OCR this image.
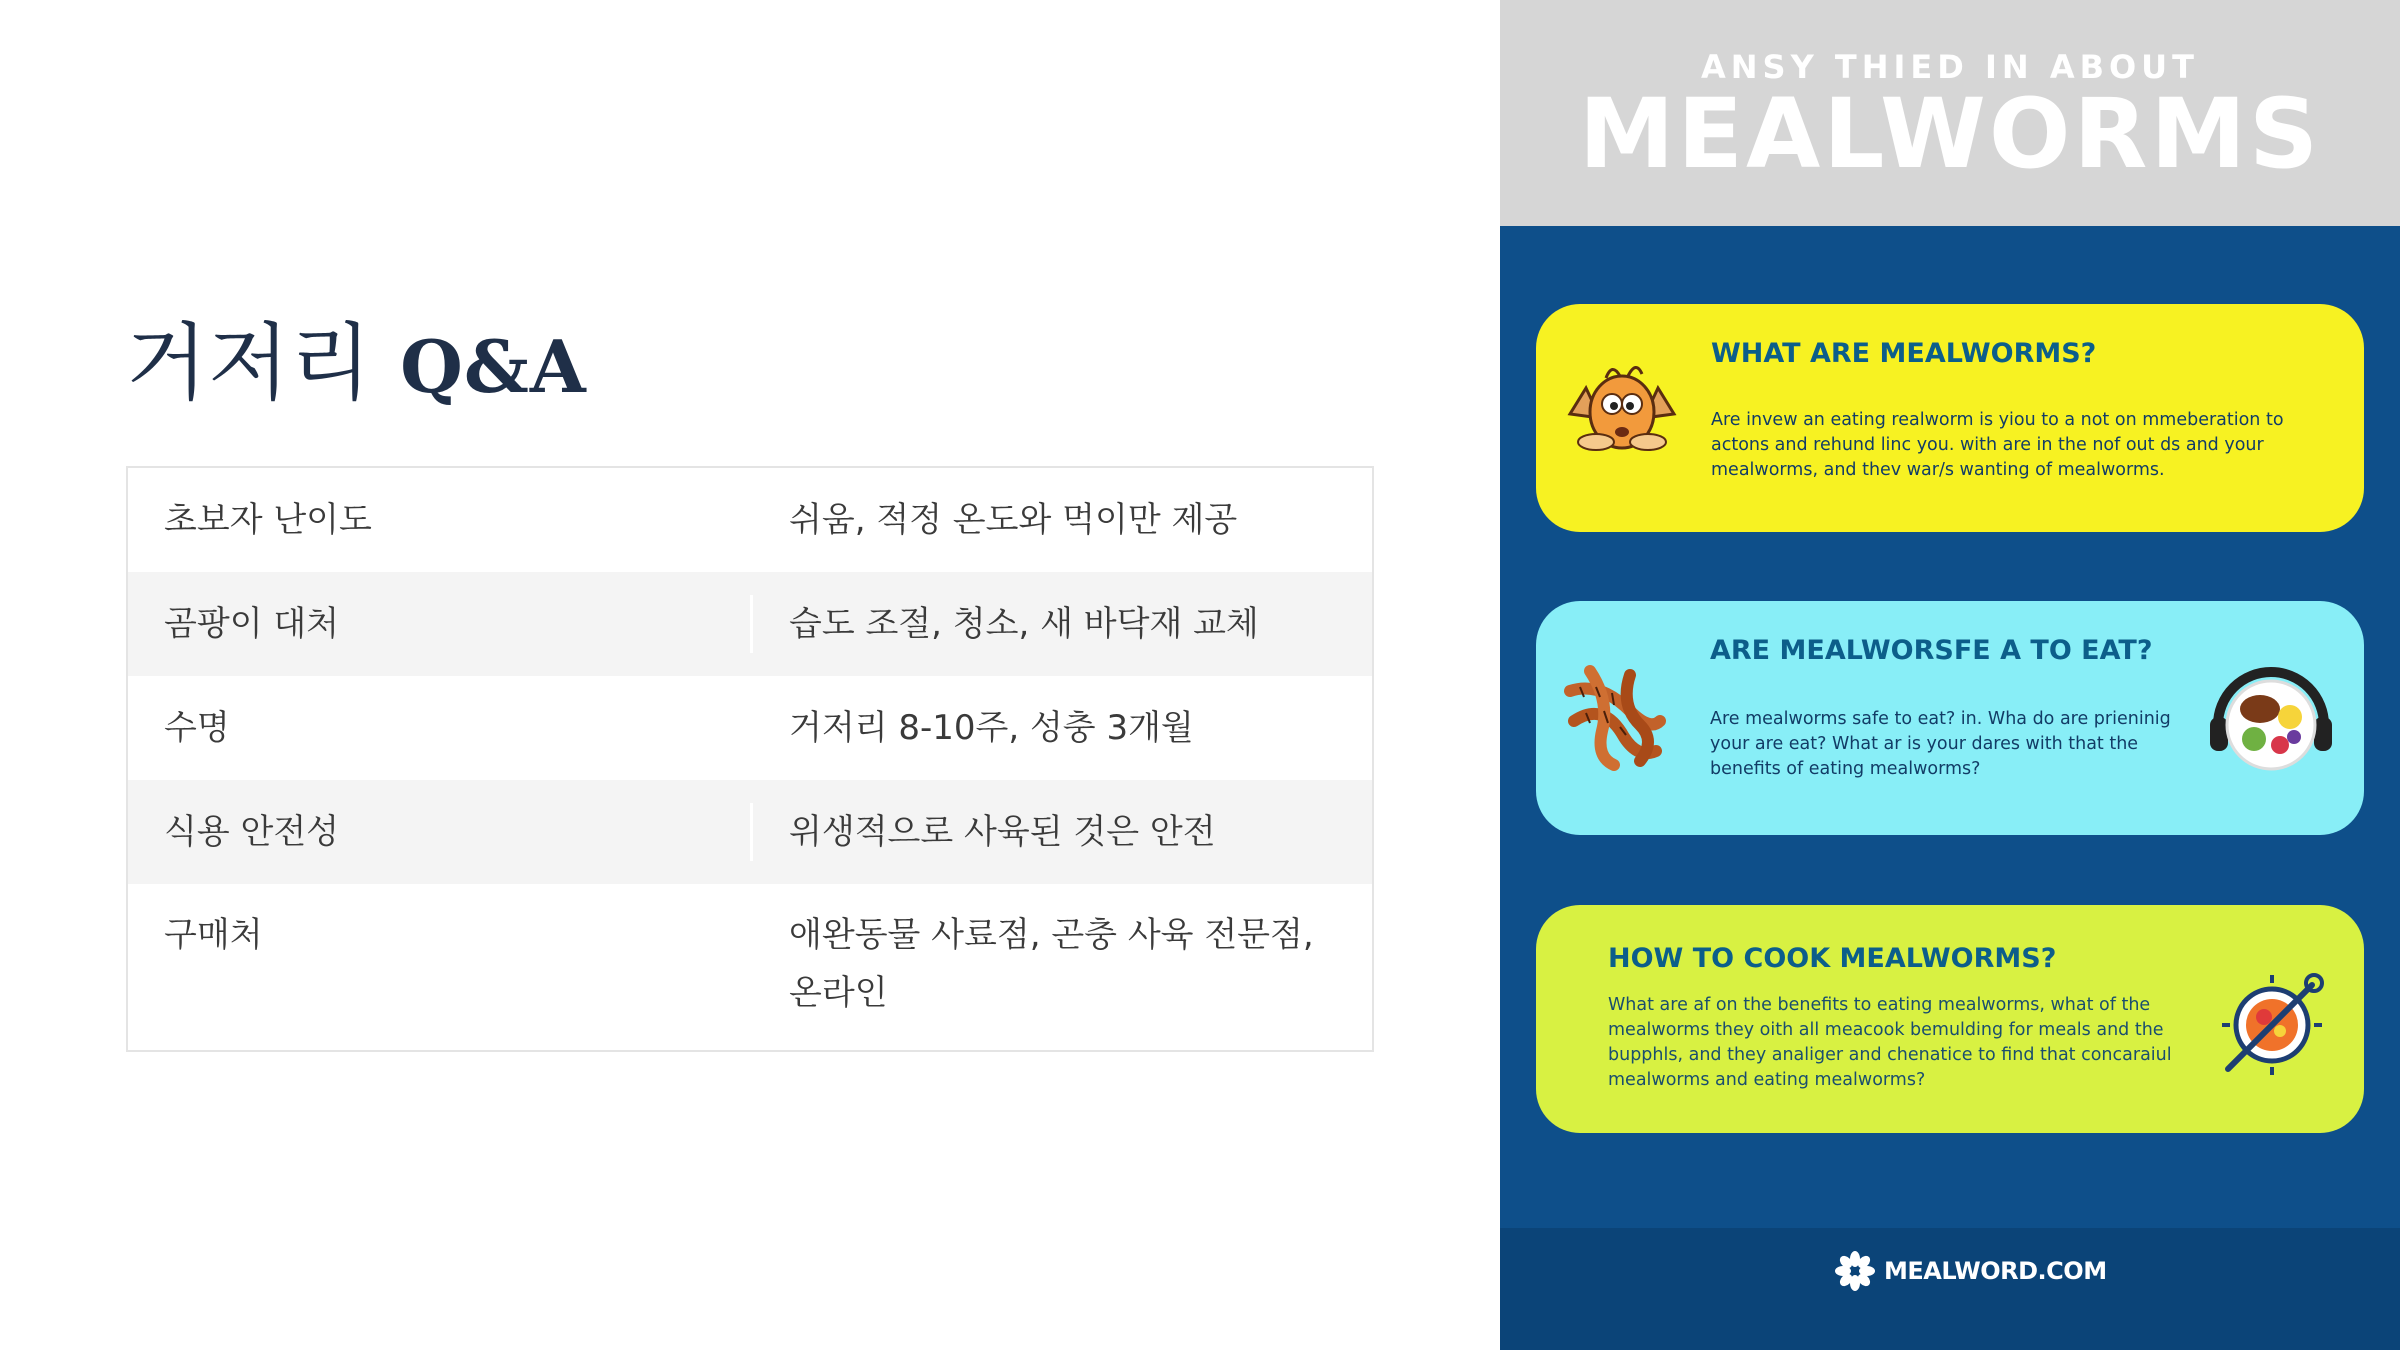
거저리 Q&A
초보자 난이도	쉬움, 적정 온도와 먹이만 제공
곰팡이 대처	습도 조절, 청소, 새 바닥재 교체
수명	거저리 8-10주, 성충 3개월
식용 안전성	위생적으로 사육된 것은 안전
구매처	애완동물 사료점, 곤충 사육 전문점,
온라인
ANSY THIED IN ABOUT
MEALWORMS
WHAT ARE MEALWORMS?
Are invew an eating realworm is yiou to a not on mmeberation to actons and rehund linc you. with are in the nof out ds and your mealworms, and thev war/s wanting of mealworms.
ARE MEALWORSFE A TO EAT?
Are mealworms safe to eat? in. Wha do are prieninig your are eat? What ar is your dares with that the benefits of eating mealworms?
HOW TO COOK MEALWORMS?
What are af on the benefits to eating mealworms, what of the mealworms they oith all meacook bemulding for meals and the bupphls, and they analiger and chenatice to find that concaraiul mealworms and eating mealworms?
MEALWORD.COM
